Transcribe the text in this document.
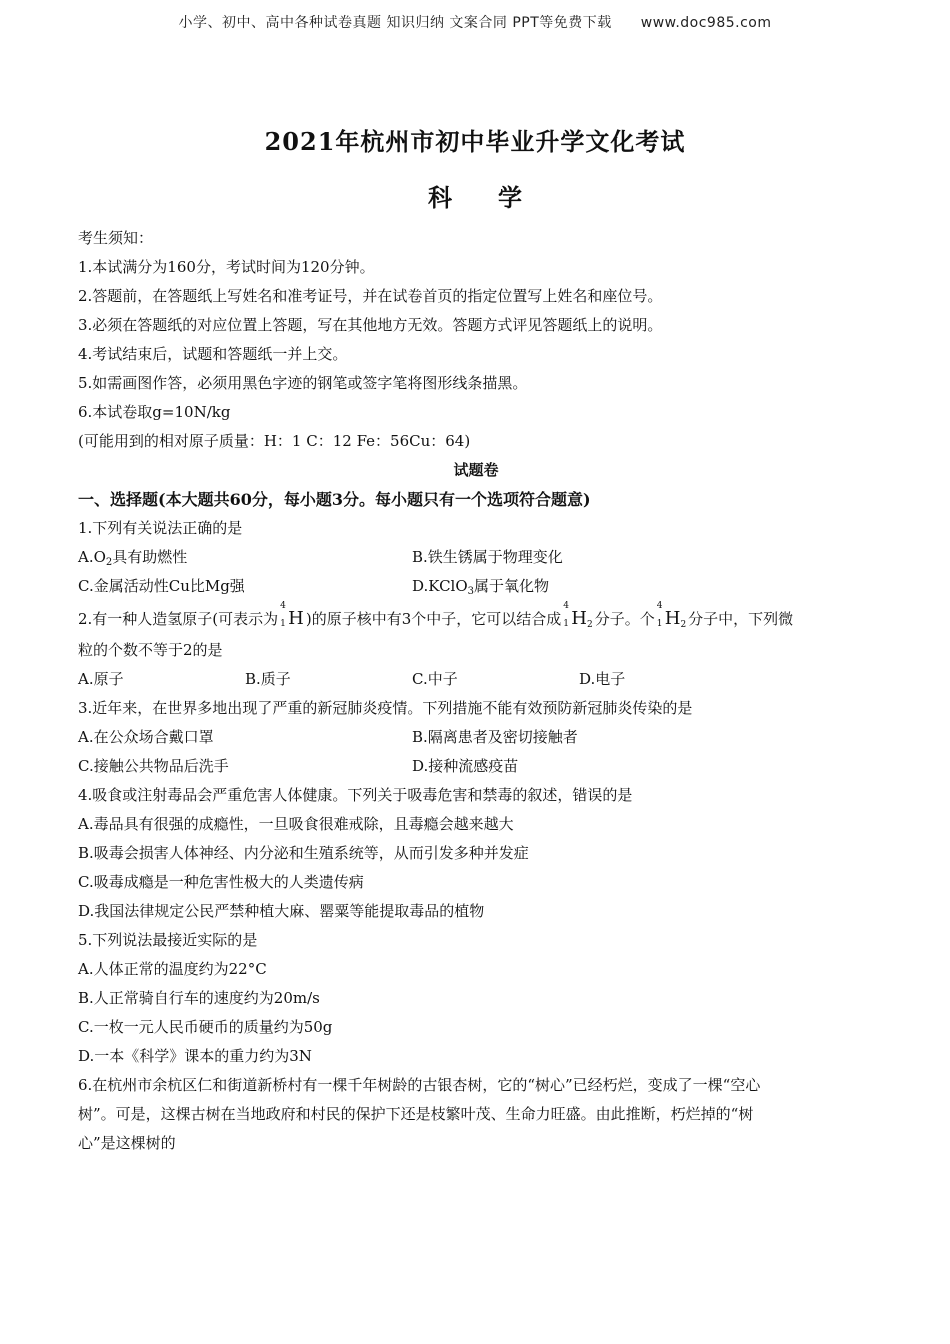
小学、初中、高中各种试卷真题 知识归纳 文案合同 PPT等免费下载 www.doc985.com
2021年杭州市初中毕业升学文化考试
科学
考生须知：
1.本试满分为160分，考试时间为120分钟。
2.答题前，在答题纸上写姓名和准考证号，并在试卷首页的指定位置写上姓名和座位号。
3.必须在答题纸的对应位置上答题，写在其他地方无效。答题方式评见答题纸上的说明。
4.考试结束后，试题和答题纸一并上交。
5.如需画图作答，必须用黑色字迹的钢笔或签字笔将图形线条描黑。
6.本试卷取g=10N/kg
(可能用到的相对原子质量：H：1 C：12 Fe：56Cu：64)
试题卷
一、选择题(本大题共60分，每小题3分。每小题只有一个选项符合题意)
1.下列有关说法正确的是
$A.O_2$具有助燃性	B.铁生锈属于物理变化
C.金属活动性Cu比Mg强	D.KClO$_3$属于氧化物
2.有一种人造氢原子(可表示为
4
1 H )的原子核中有3个中子，它可以结合成
4
1 H2 分子。个
4
1 H2 分子中，下列微
粒的个数不等于2的是
A.原子	B.质子	C.中子	D.电子
3.近年来，在世界多地出现了严重的新冠肺炎疫情。下列措施不能有效预防新冠肺炎传染的是
A.在公众场合戴口罩	B.隔离患者及密切接触者
C.接触公共物品后洗手	D.接种流感疫苗
4.吸食或注射毒品会严重危害人体健康。下列关于吸毒危害和禁毒的叙述，错误的是
A.毒品具有很强的成瘾性，一旦吸食很难戒除，且毒瘾会越来越大
B.吸毒会损害人体神经、内分泌和生殖系统等，从而引发多种并发症
C.吸毒成瘾是一种危害性极大的人类遗传病
D.我国法律规定公民严禁种植大麻、罂粟等能提取毒品的植物
5.下列说法最接近实际的是
A.人体正常的温度约为22°C
B.人正常骑自行车的速度约为20m/s
C.一枚一元人民币硬币的质量约为50g
D.一本《科学》课本的重力约为3N
6.在杭州市余杭区仁和街道新桥村有一棵千年树龄的古银杏树，它的“树心”已经朽烂，变成了一棵“空心
树”。可是，这棵古树在当地政府和村民的保护下还是枝繁叶茂、生命力旺盛。由此推断，朽烂掉的“树
心”是这棵树的
